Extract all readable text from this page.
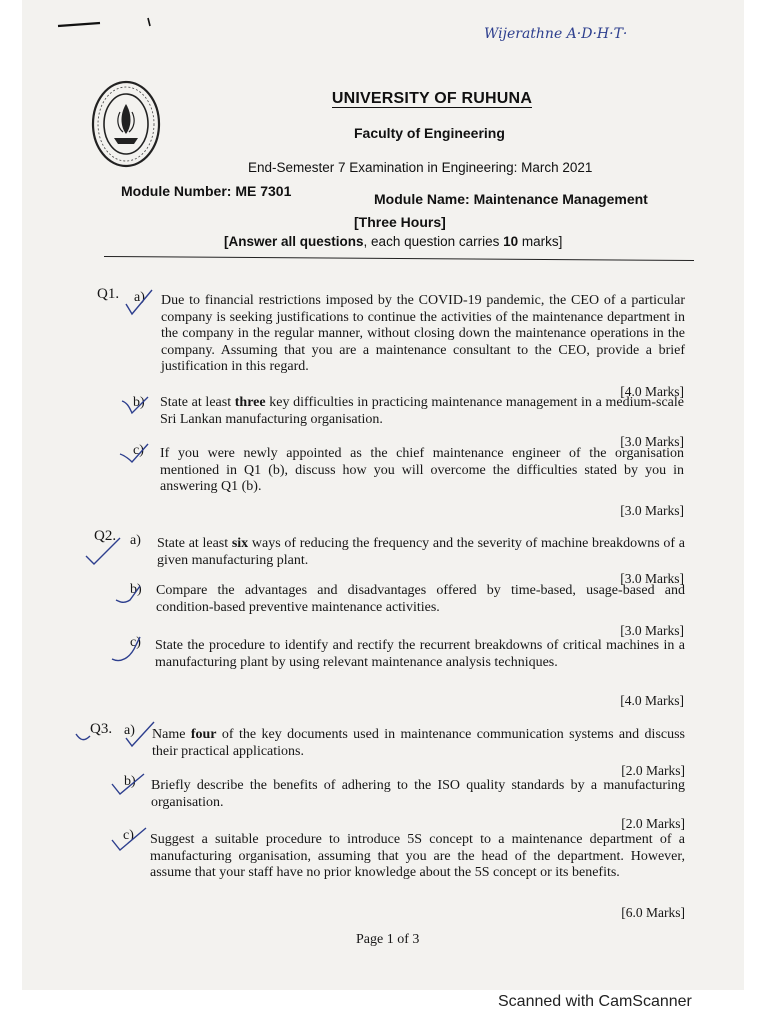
Wijerathne A·D·H·T·
UNIVERSITY OF RUHUNA
Faculty of Engineering
End-Semester 7 Examination in Engineering: March 2021
Module Number: ME 7301	Module Name: Maintenance Management
[Three Hours]
[Answer all questions, each question carries 10 marks]
Q1. a) Due to financial restrictions imposed by the COVID-19 pandemic, the CEO of a particular company is seeking justifications to continue the activities of the maintenance department in the company in the regular manner, without closing down the maintenance operations in the company. Assuming that you are a maintenance consultant to the CEO, provide a brief justification in this regard.
[4.0 Marks]
b) State at least three key difficulties in practicing maintenance management in a medium-scale Sri Lankan manufacturing organisation.
[3.0 Marks]
c) If you were newly appointed as the chief maintenance engineer of the organisation mentioned in Q1 (b), discuss how you will overcome the difficulties stated by you in answering Q1 (b).
[3.0 Marks]
Q2. a) State at least six ways of reducing the frequency and the severity of machine breakdowns of a given manufacturing plant.
[3.0 Marks]
b) Compare the advantages and disadvantages offered by time-based, usage-based and condition-based preventive maintenance activities.
[3.0 Marks]
c) State the procedure to identify and rectify the recurrent breakdowns of critical machines in a manufacturing plant by using relevant maintenance analysis techniques.
[4.0 Marks]
Q3. a) Name four of the key documents used in maintenance communication systems and discuss their practical applications.
[2.0 Marks]
b) Briefly describe the benefits of adhering to the ISO quality standards by a manufacturing organisation.
[2.0 Marks]
c) Suggest a suitable procedure to introduce 5S concept to a maintenance department of a manufacturing organisation, assuming that you are the head of the department. However, assume that your staff have no prior knowledge about the 5S concept or its benefits.
[6.0 Marks]
Page 1 of 3
Scanned with CamScanner
